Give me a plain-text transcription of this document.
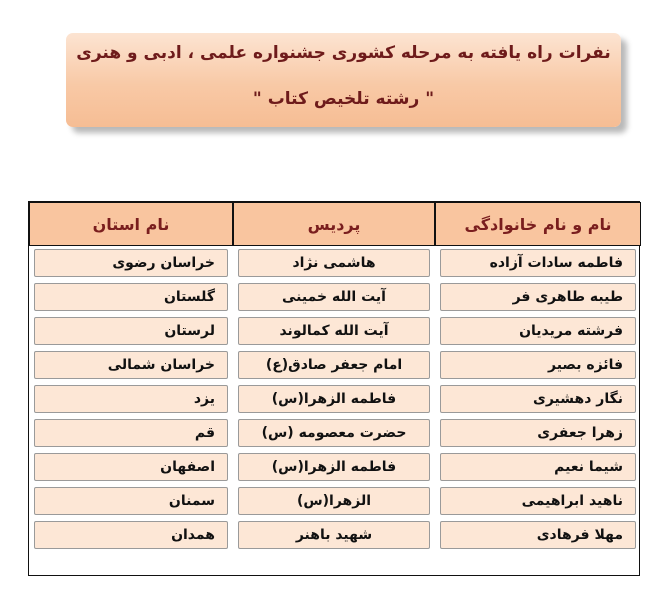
نفرات راه یافته به مرحله کشوری جشنواره علمی ، ادبی و هنری
" رشته تلخیص کتاب "
نام و نام خانوادگی	پردیس	نام استان

فاطمه سادات آزاده	هاشمی نژاد	خراسان رضوی

طیبه طاهری فر	آیت الله خمینی	گلستان

فرشته مریدیان	آیت الله کمالوند	لرستان

فائزه بصیر	امام جعفر صادق(ع)	خراسان شمالی

نگار دهشیری	فاطمه الزهرا(س)	یزد

زهرا جعفری	حضرت معصومه (س)	قم

شیما نعیم	فاطمه الزهرا(س)	اصفهان

ناهید ابراهیمی	الزهرا(س)	سمنان

مهلا فرهادی	شهید باهنر	همدان
